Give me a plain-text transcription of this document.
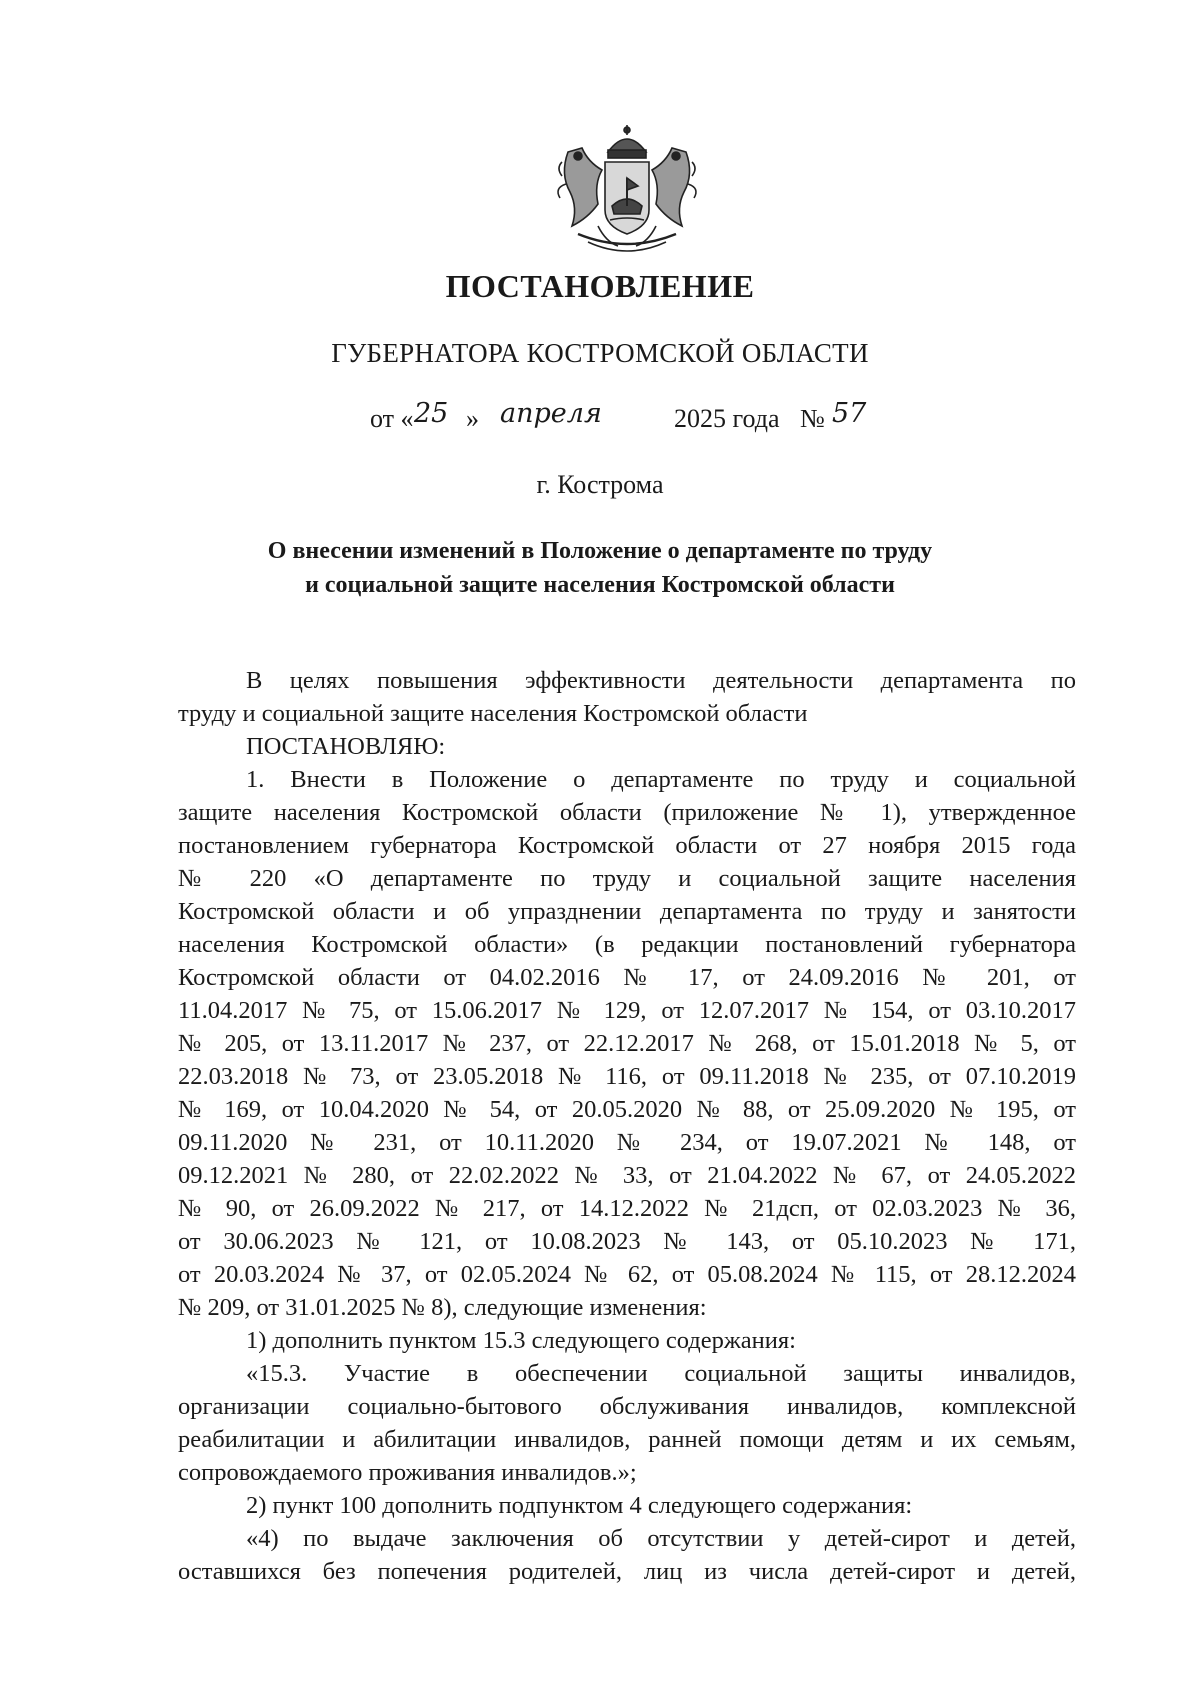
ПОСТАНОВЛЕНИЕ
ГУБЕРНАТОРА КОСТРОМСКОЙ ОБЛАСТИ
от « 25 » апреля	2025 года № 57
г. Кострома
О внесении изменений в Положение о департаменте по труду
и социальной защите населения Костромской области

В целях повышения эффективности деятельности департамента по

труду и социальной защите населения Костромской области

ПОСТАНОВЛЯЮ:

1. Внести в Положение о департаменте по труду и социальной

защите населения Костромской области (приложение № 1), утвержденное

постановлением губернатора Костромской области от 27 ноября 2015 года

№ 220 «О департаменте по труду и социальной защите населения

Костромской области и об упразднении департамента по труду и занятости

населения Костромской области» (в редакции постановлений губернатора

Костромской области от 04.02.2016 № 17, от 24.09.2016 № 201, от

11.04.2017 № 75, от 15.06.2017 № 129, от 12.07.2017 № 154, от 03.10.2017

№ 205, от 13.11.2017 № 237, от 22.12.2017 № 268, от 15.01.2018 № 5, от

22.03.2018 № 73, от 23.05.2018 № 116, от 09.11.2018 № 235, от 07.10.2019

№ 169, от 10.04.2020 № 54, от 20.05.2020 № 88, от 25.09.2020 № 195, от

09.11.2020 № 231, от 10.11.2020 № 234, от 19.07.2021 № 148, от

09.12.2021 № 280, от 22.02.2022 № 33, от 21.04.2022 № 67, от 24.05.2022

№ 90, от 26.09.2022 № 217, от 14.12.2022 № 21дсп, от 02.03.2023 № 36,

от 30.06.2023 № 121, от 10.08.2023 № 143, от 05.10.2023 № 171,

от 20.03.2024 № 37, от 02.05.2024 № 62, от 05.08.2024 № 115, от 28.12.2024

№ 209, от 31.01.2025 № 8), следующие изменения:

1) дополнить пунктом 15.3 следующего содержания:

«15.3. Участие в обеспечении социальной защиты инвалидов,

организации социально-бытового обслуживания инвалидов, комплексной

реабилитации и абилитации инвалидов, ранней помощи детям и их семьям,

сопровождаемого проживания инвалидов.»;

2) пункт 100 дополнить подпунктом 4 следующего содержания:

«4) по выдаче заключения об отсутствии у детей-сирот и детей,

оставшихся без попечения родителей, лиц из числа детей-сирот и детей,
